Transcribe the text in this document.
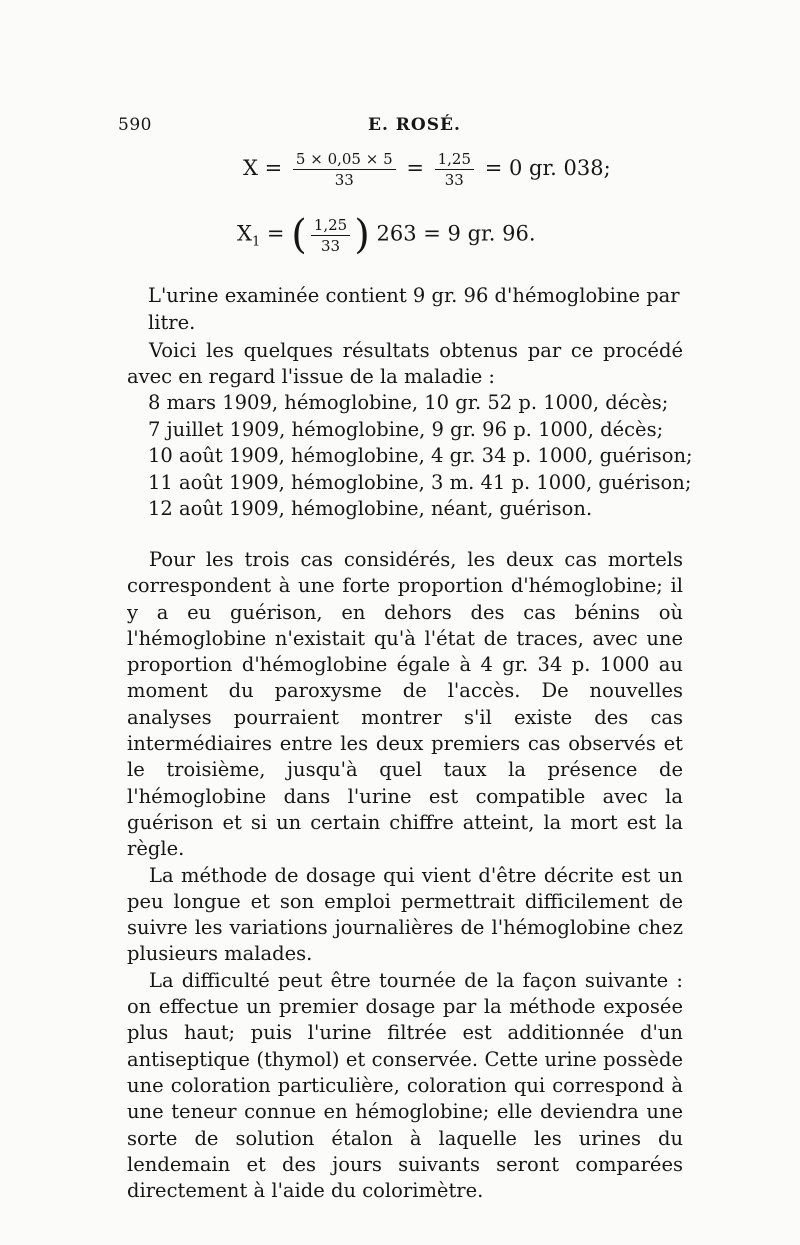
590	E. ROSÉ.
$X = \frac{5 \times 0,05 \times 5}{33} = \frac{1,25}{33} = 0$ gr. 038;
$X_1$ = ( $\frac{1,25}{33}$ ) 263 = 9 gr. 96.
L'urine examinée contient 9 gr. 96 d'hémoglobine par litre.

Voici les quelques résultats obtenus par ce procédé avec en regard l'issue de la maladie :

8 mars 1909, hémoglobine, 10 gr. 52 p. 1000, décès;
7 juillet 1909, hémoglobine, 9 gr. 96 p. 1000, décès;
10 août 1909, hémoglobine, 4 gr. 34 p. 1000, guérison;
11 août 1909, hémoglobine, 3 m. 41 p. 1000, guérison;
12 août 1909, hémoglobine, néant, guérison.

Pour les trois cas considérés, les deux cas mortels correspondent à une forte proportion d'hémoglobine; il y a eu guérison, en dehors des cas bénins où l'hémoglobine n'existait qu'à l'état de traces, avec une proportion d'hémoglobine égale à 4 gr. 34 p. 1000 au moment du paroxysme de l'accès. De nouvelles analyses pourraient montrer s'il existe des cas intermédiaires entre les deux premiers cas observés et le troisième, jusqu'à quel taux la présence de l'hémoglobine dans l'urine est compatible avec la guérison et si un certain chiffre atteint, la mort est la règle.

La méthode de dosage qui vient d'être décrite est un peu longue et son emploi permettrait difficilement de suivre les variations journalières de l'hémoglobine chez plusieurs malades.

La difficulté peut être tournée de la façon suivante : on effectue un premier dosage par la méthode exposée plus haut; puis l'urine filtrée est additionnée d'un antiseptique (thymol) et conservée. Cette urine possède une coloration particulière, coloration qui correspond à une teneur connue en hémoglobine; elle deviendra une sorte de solution étalon à laquelle les urines du lendemain et des jours suivants seront comparées directement à l'aide du colorimètre.
